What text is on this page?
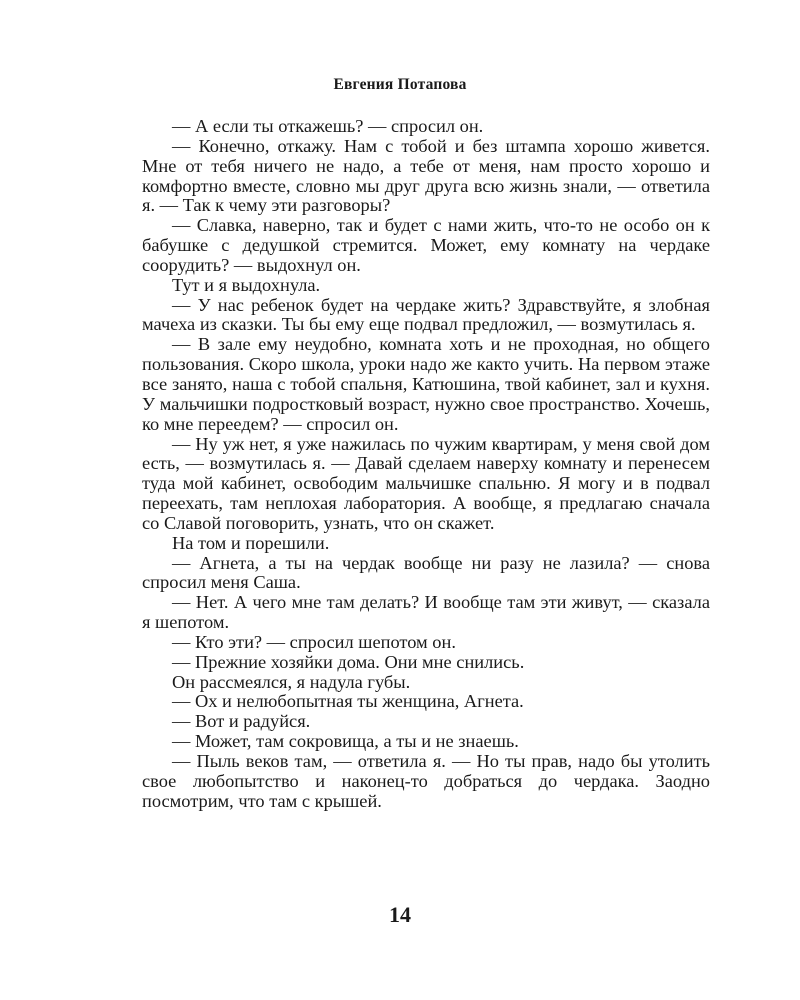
Евгения Потапова

— А если ты откажешь? — спросил он.

— Конечно, откажу. Нам с тобой и без штампа хорошо живется. Мне от тебя ничего не надо, а тебе от меня, нам просто хорошо и комфортно вместе, словно мы друг друга всю жизнь знали, — ответила я. — Так к чему эти разговоры?

— Славка, наверно, так и будет с нами жить, что-то не особо он к бабушке с дедушкой стремится. Может, ему комнату на чердаке соорудить? — выдохнул он.

Тут и я выдохнула.

— У нас ребенок будет на чердаке жить? Здравствуйте, я злобная мачеха из сказки. Ты бы ему еще подвал предложил, — возмутилась я.

— В зале ему неудобно, комната хоть и не проходная, но общего пользования. Скоро школа, уроки надо же както учить. На первом этаже все занято, наша с тобой спальня, Катюшина, твой кабинет, зал и кухня. У мальчишки подростковый возраст, нужно свое пространство. Хочешь, ко мне переедем? — спросил он.

— Ну уж нет, я уже нажилась по чужим квартирам, у меня свой дом есть, — возмутилась я. — Давай сделаем наверху комнату и перенесем туда мой кабинет, освободим мальчишке спальню. Я могу и в подвал переехать, там неплохая лаборатория. А вообще, я предлагаю сначала со Славой поговорить, узнать, что он скажет.

На том и порешили.

— Агнета, а ты на чердак вообще ни разу не лазила? — снова спросил меня Саша.

— Нет. А чего мне там делать? И вообще там эти живут, — сказала я шепотом.

— Кто эти? — спросил шепотом он.

— Прежние хозяйки дома. Они мне снились.

Он рассмеялся, я надула губы.

— Ох и нелюбопытная ты женщина, Агнета.

— Вот и радуйся.

— Может, там сокровища, а ты и не знаешь.

— Пыль веков там, — ответила я. — Но ты прав, надо бы утолить свое любопытство и наконец-то добраться до чердака. Заодно посмотрим, что там с крышей.

14
